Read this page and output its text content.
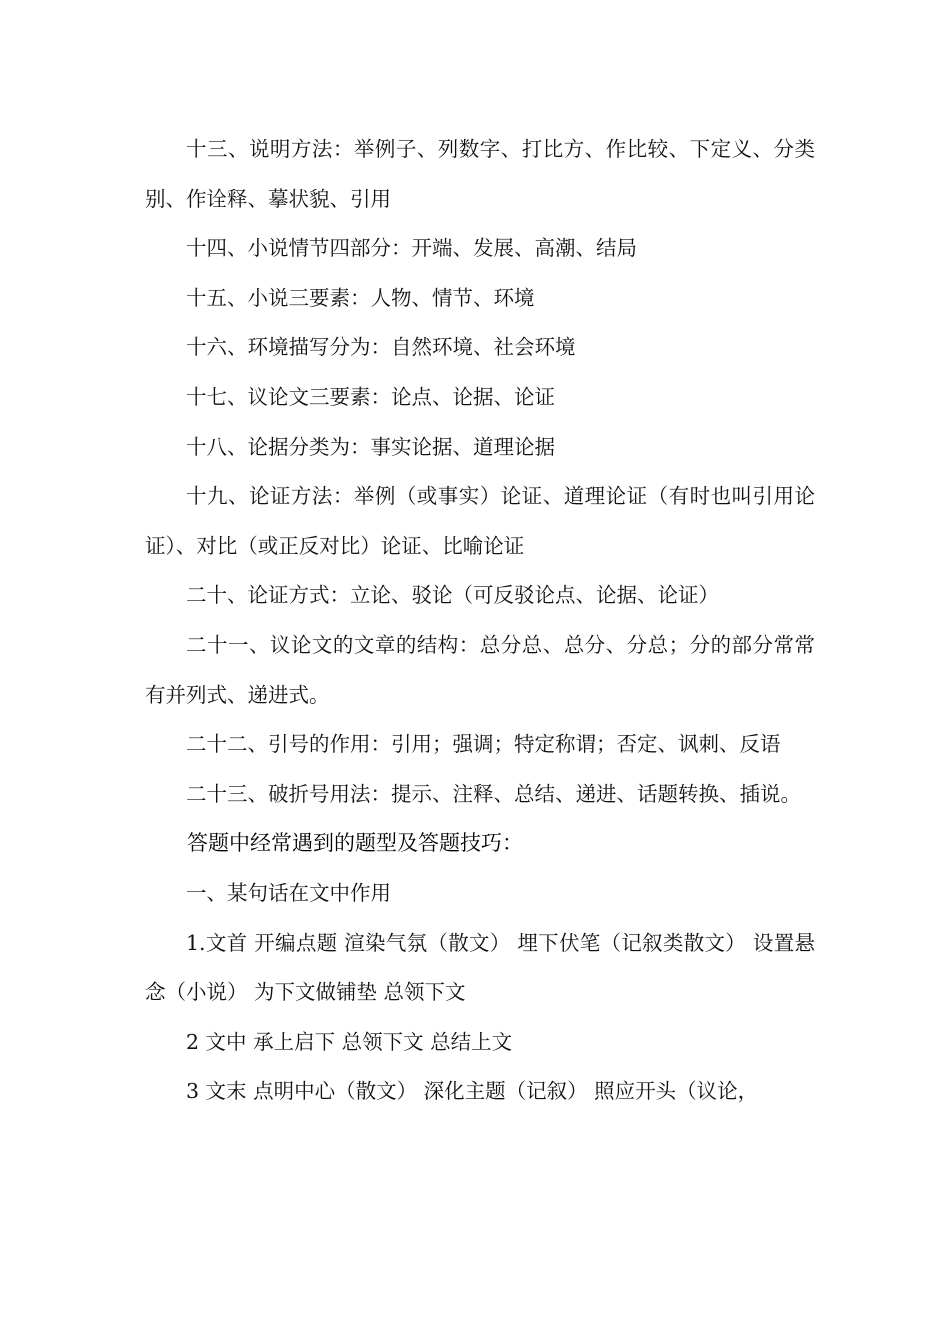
十三、说明方法：举例子、列数字、打比方、作比较、下定义、分类别、作诠释、摹状貌、引用

十四、小说情节四部分：开端、发展、高潮、结局

十五、小说三要素：人物、情节、环境

十六、环境描写分为：自然环境、社会环境

十七、议论文三要素：论点、论据、论证

十八、论据分类为：事实论据、道理论据

十九、论证方法：举例（或事实）论证、道理论证（有时也叫引用论证）、对比（或正反对比）论证、比喻论证

二十、论证方式：立论、驳论（可反驳论点、论据、论证）

二十一、议论文的文章的结构：总分总、总分、分总；分的部分常常有并列式、递进式。

二十二、引号的作用：引用；强调；特定称谓；否定、讽刺、反语

二十三、破折号用法：提示、注释、总结、递进、话题转换、插说。

答题中经常遇到的题型及答题技巧：

一、某句话在文中作用

1.文首 开编点题 渲染气氛（散文） 埋下伏笔（记叙类散文） 设置悬念（小说） 为下文做铺垫 总领下文

2 文中 承上启下 总领下文 总结上文

3 文末 点明中心（散文） 深化主题（记叙） 照应开头（议论，
